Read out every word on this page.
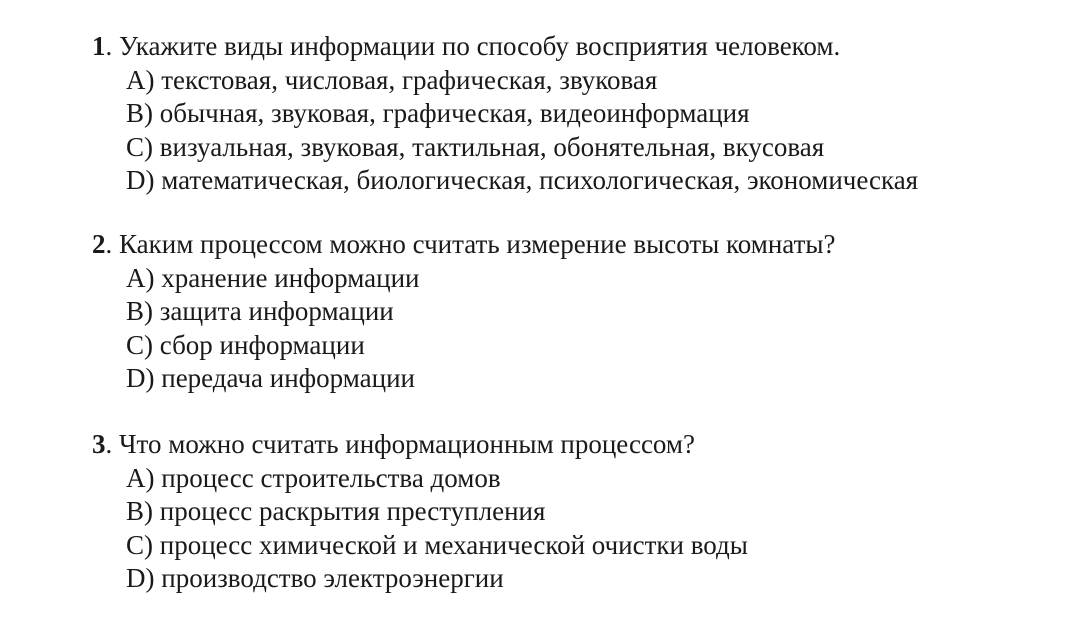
1. Укажите виды информации по способу восприятия человеком.

A) текстовая, числовая, графическая, звуковая
B) обычная, звуковая, графическая, видеоинформация
C) визуальная, звуковая, тактильная, обонятельная, вкусовая
D) математическая, биологическая, психологическая, экономическая

2. Каким процессом можно считать измерение высоты комнаты?

A) хранение информации
B) защита информации
C) сбор информации
D) передача информации

3. Что можно считать информационным процессом?

A) процесс строительства домов
B) процесс раскрытия преступления
C) процесс химической и механической очистки воды
D) производство электроэнергии
